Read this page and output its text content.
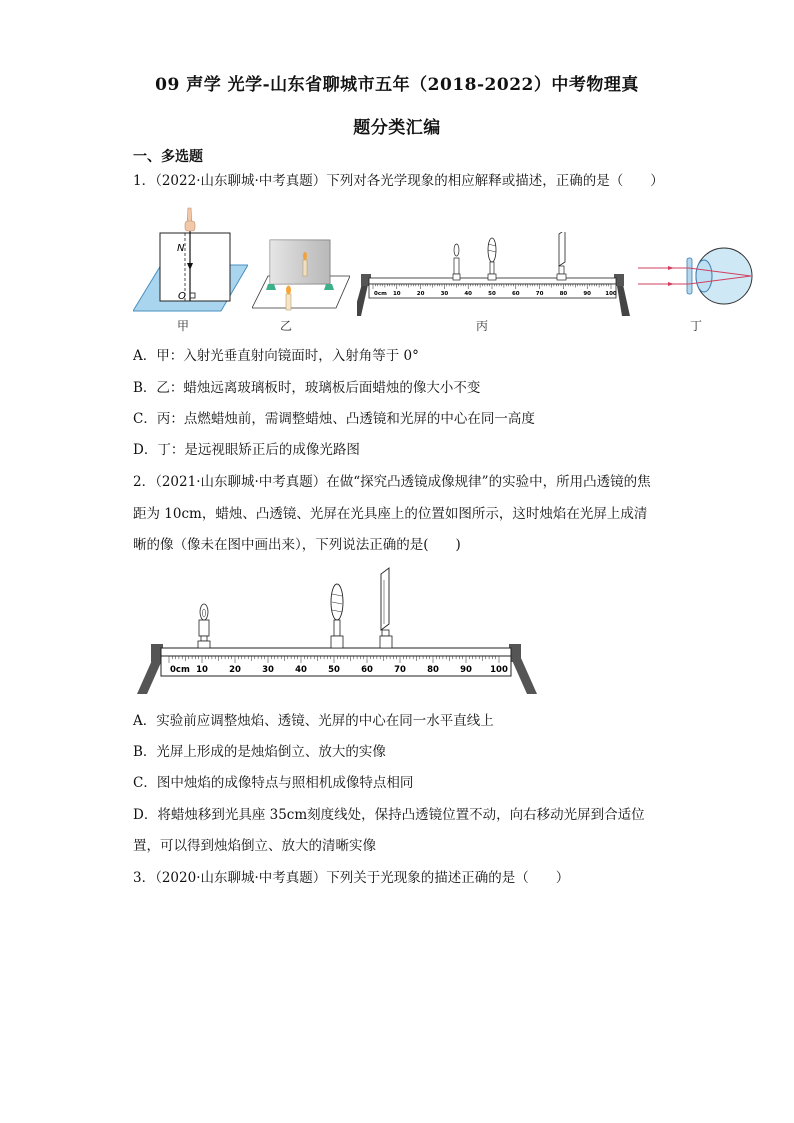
09 声学 光学-山东省聊城市五年（2018-2022）中考物理真
题分类汇编
一、多选题
1．（2022·山东聊城·中考真题）下列对各光学现象的相应解释或描述，正确的是（　　）
N
O
甲	乙
0cm 10	20	30	40	50	60	70	80	90	100
丙	丁
A．甲：入射光垂直射向镜面时，入射角等于 0°
B．乙：蜡烛远离玻璃板时，玻璃板后面蜡烛的像大小不变
C．丙：点燃蜡烛前，需调整蜡烛、凸透镜和光屏的中心在同一高度
D．丁：是远视眼矫正后的成像光路图
2．（2021·山东聊城·中考真题）在做“探究凸透镜成像规律”的实验中，所用凸透镜的焦
距为 10cm，蜡烛、凸透镜、光屏在光具座上的位置如图所示，这时烛焰在光屏上成清
晰的像（像未在图中画出来），下列说法正确的是(　　)
0cm 10 20 30 40 50 60 70 80 90 100
A．实验前应调整烛焰、透镜、光屏的中心在同一水平直线上
B．光屏上形成的是烛焰倒立、放大的实像
C．图中烛焰的成像特点与照相机成像特点相同
D．将蜡烛移到光具座 35cm刻度线处，保持凸透镜位置不动，向右移动光屏到合适位
置，可以得到烛焰倒立、放大的清晰实像
3．（2020·山东聊城·中考真题）下列关于光现象的描述正确的是（　　）
